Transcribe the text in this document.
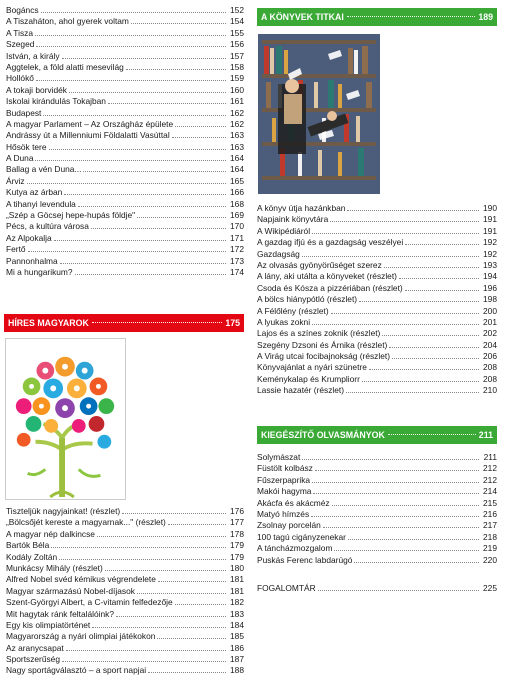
Bogáncs	152
A Tiszaháton, ahol gyerek voltam	154
A Tisza	155
Szeged	156
István, a király	157
Aggtelek, a föld alatti mesevilág	158
Hollókő	159
A tokaji borvidék	160
Iskolai kirándulás Tokajban	161
Budapest	162
A magyar Parlament – Az Országház épülete	162
Andrássy út a Millenniumi Földalatti Vasúttal	163
Hősök tere	163
A Duna	164
Ballag a vén Duna...	164
Árviz	165
Kutya az árban	166
A tihanyi levendula	168
„Szép a Göcsej hepe-hupás földje"	169
Pécs, a kultúra városa	170
Az Alpokalja	171
Fertő	172
Pannonhalma	173
Mi a hungarikum?	174
HÍRES MAGYAROK	175
Tiszteljük nagyjainkat! (részlet)	176
„Bölcsőjét kereste a magyarnak..." (részlet)	177
A magyar nép dalkincse	178
Bartók Béla	179
Kodály Zoltán	179
Munkácsy Mihály (részlet)	180
Alfred Nobel svéd kémikus végrendelete	181
Magyar származású Nobel-díjasok	181
Szent-Györgyi Albert, a C-vitamin felfedezője	182
Mit hagytak ránk feltalálóink?	183
Egy kis olimpiatörténet	184
Magyarország a nyári olimpiai játékokon	185
Az aranycsapat	186
Sportszerűség	187
Nagy sportágválasztó – a sport napjai	188
A KÖNYVEK TITKAI	189
A könyv útja hazánkban	190
Napjaink könyvtára	191
A Wikipédiáról	191
A gazdag ifjú és a gazdagság veszélyei	192
Gazdagság	192
Az olvasás gyönyörűséget szerez	193
A lány, aki utálta a könyveket (részlet)	194
Csoda és Kósza a pizzériában (részlet)	196
A bölcs hiánypótló (részlet)	198
A Félőlény (részlet)	200
A lyukas zokni	201
Lajos és a színes zoknik (részlet)	202
Szegény Dzsoni és Árnika (részlet)	204
A Virág utcai focibajnokság (részlet)	206
Könyvajánlat a nyári szünetre	208
Keménykalap és Krumpliorr	208
Lassie hazatér (részlet)	210
KIEGÉSZÍTŐ OLVASMÁNYOK	211
Solymászat	211
Füstölt kolbász	212
Fűszerpaprika	212
Makói hagyma	214
Akácfa és akácméz	215
Matyó hímzés	216
Zsolnay porcelán	217
100 tagú cigányzenekar	218
A táncházmozgalom	219
Puskás Ferenc labdarúgó	220
FOGALOMTÁR	225
